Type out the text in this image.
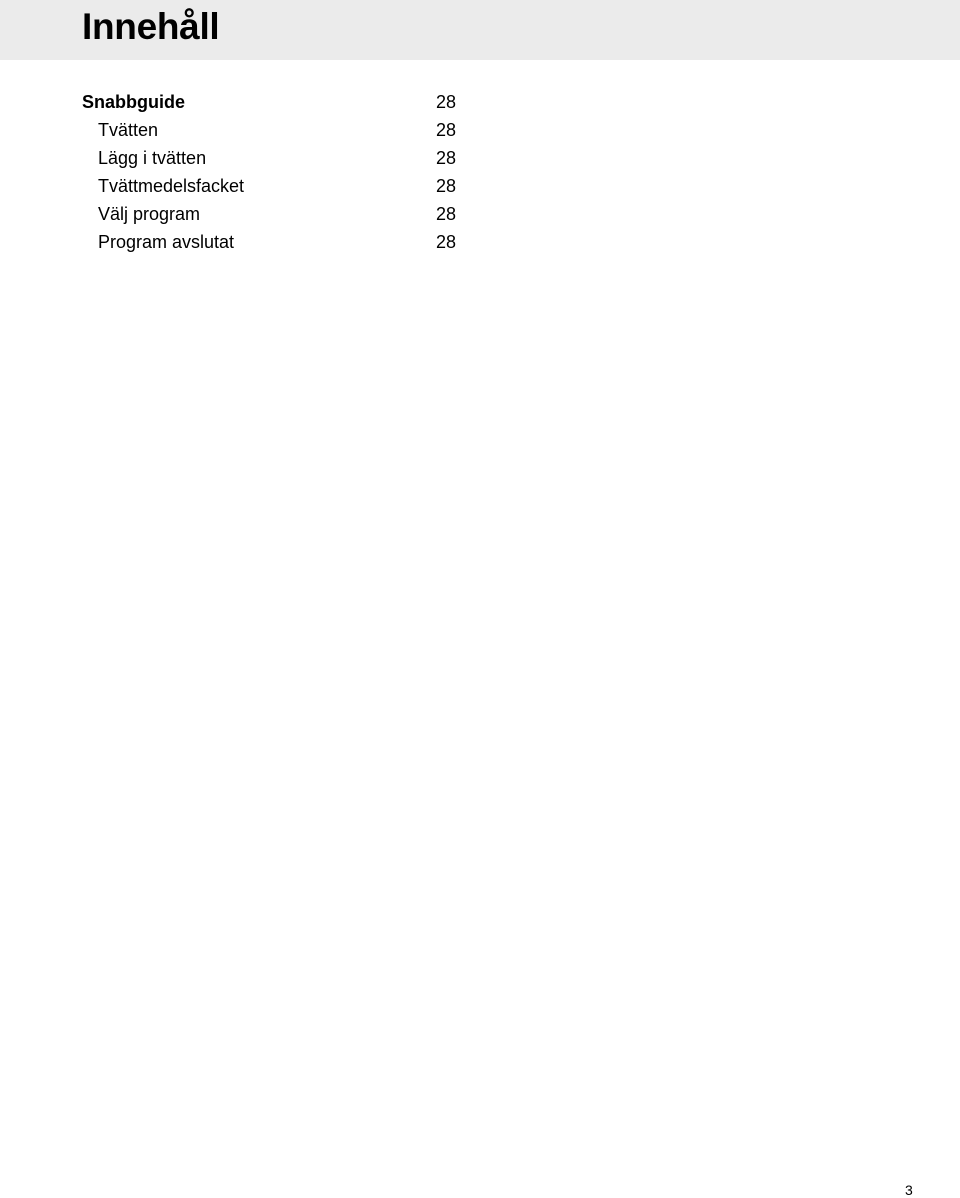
Innehåll
Snabbguide	28
Tvätten	28
Lägg i tvätten	28
Tvättmedelsfacket	28
Välj program	28
Program avslutat	28
3
